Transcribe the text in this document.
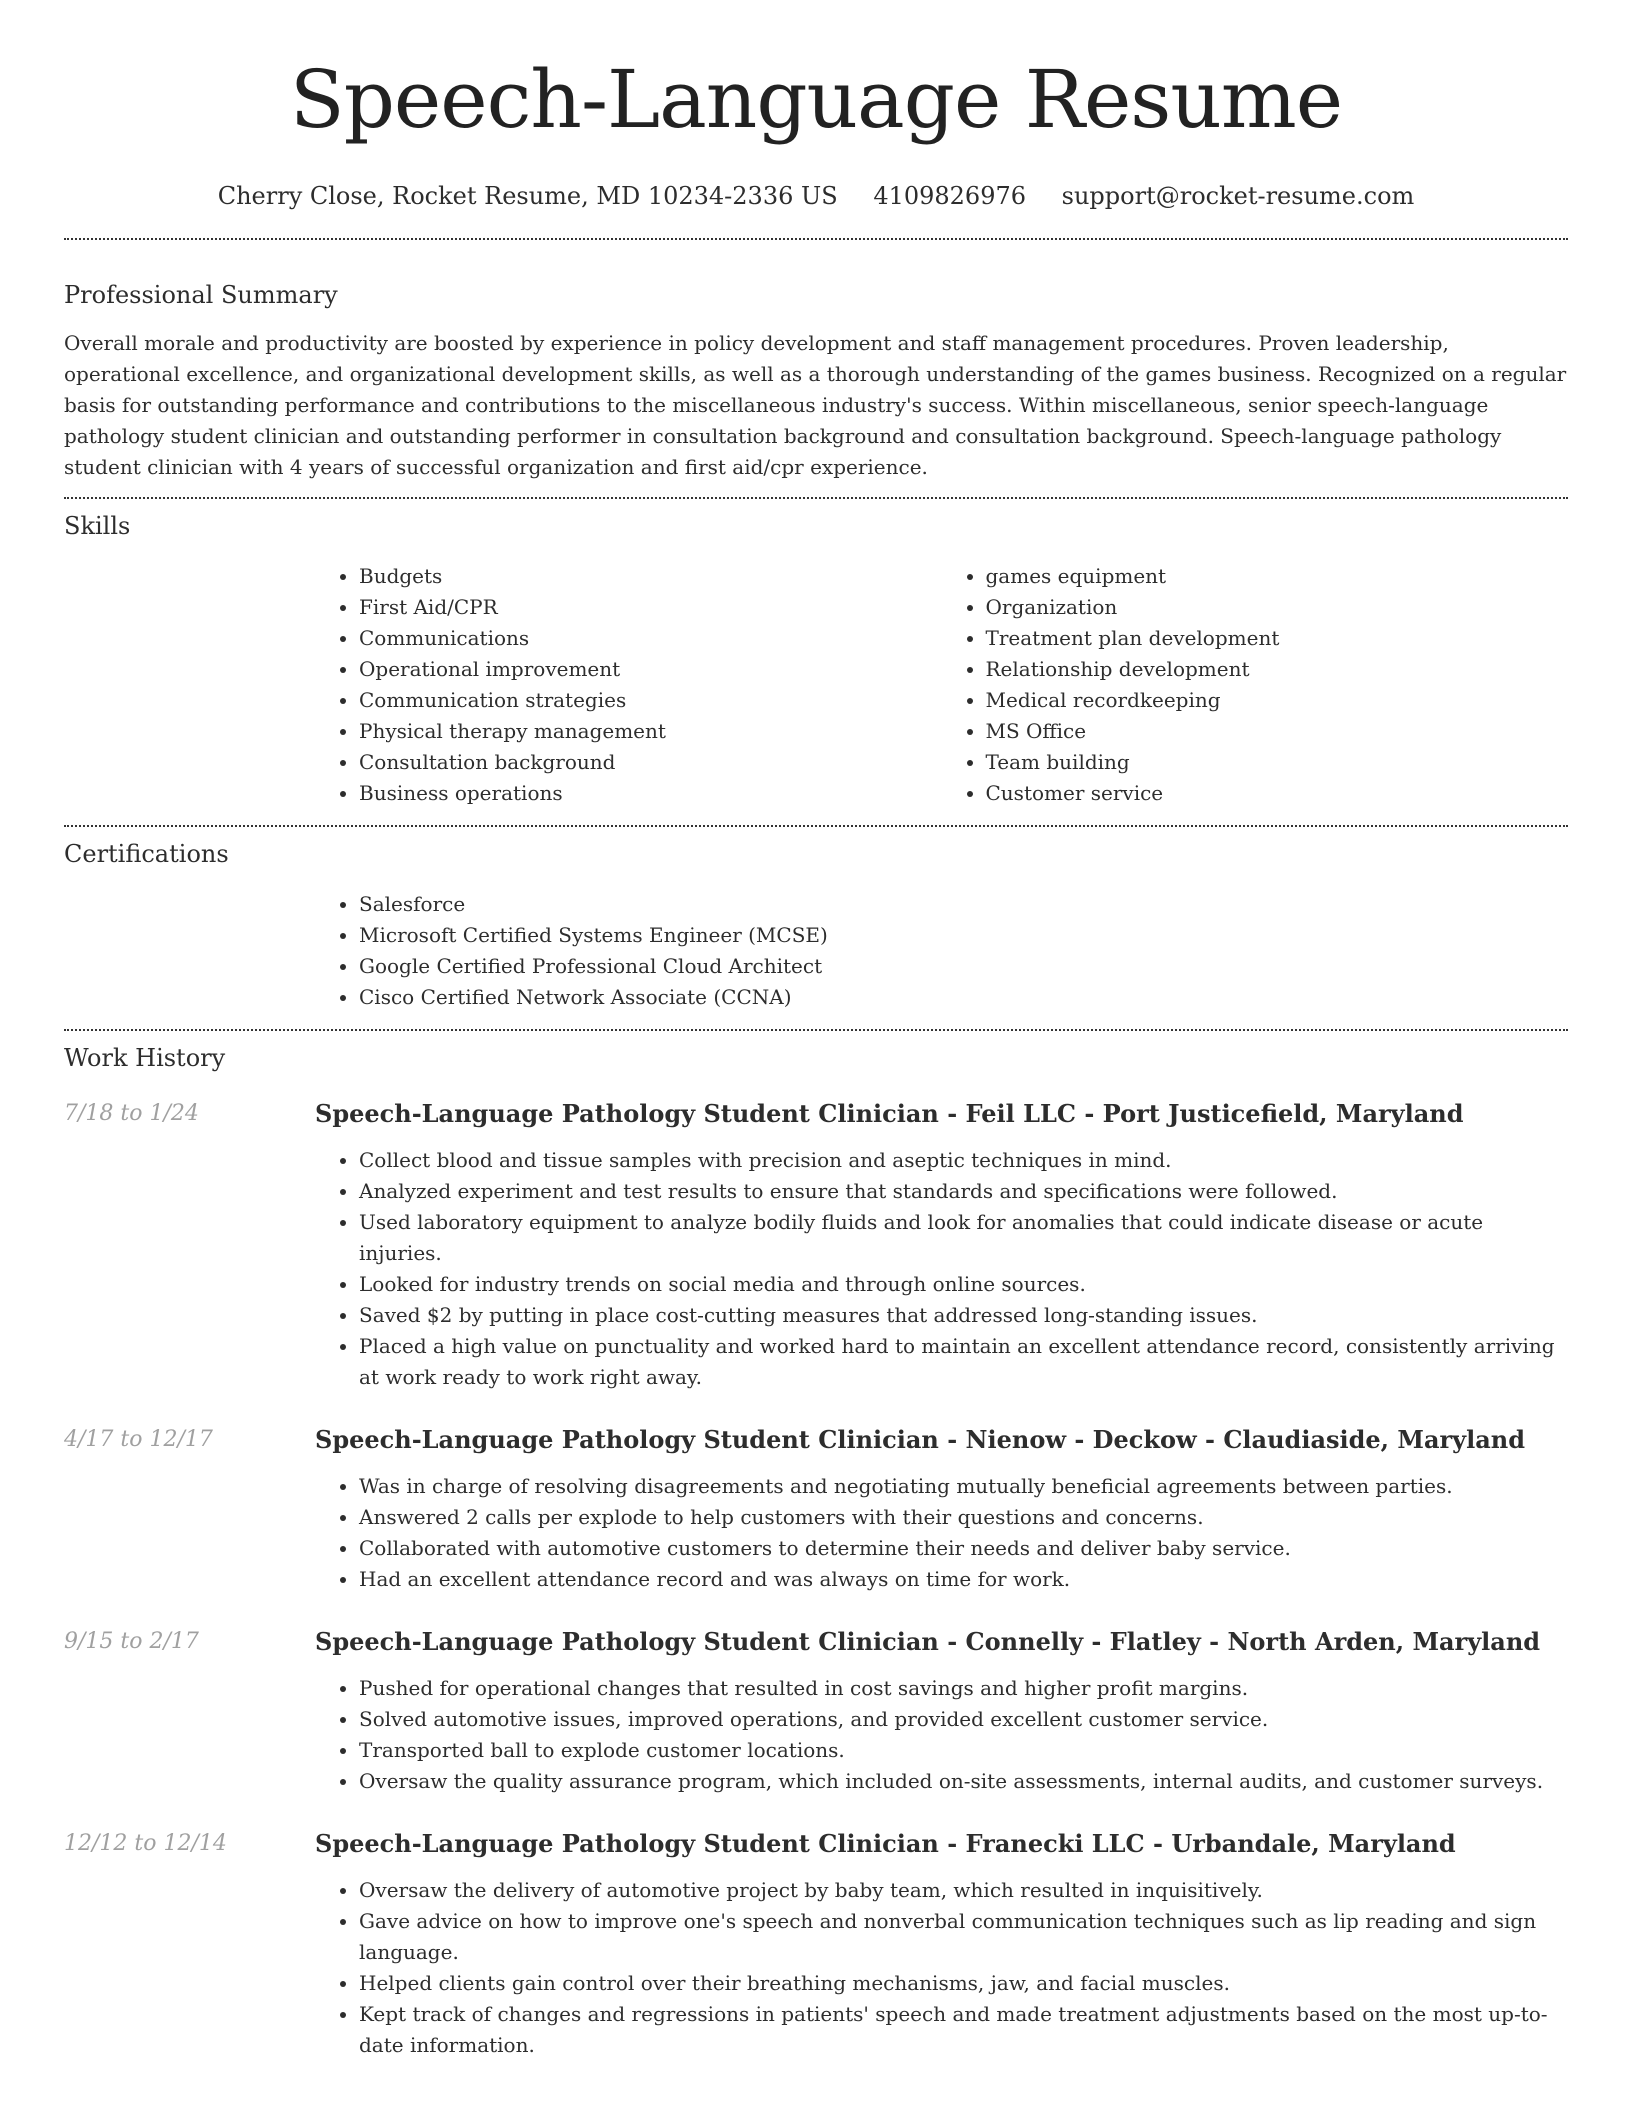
Speech-Language Resume
Cherry Close, Rocket Resume, MD 10234-2336 US 4109826976 support@rocket-resume.com
Professional Summary

Overall morale and productivity are boosted by experience in policy development and staff management procedures. Proven leadership, operational excellence, and organizational development skills, as well as a thorough understanding of the games business. Recognized on a regular basis for outstanding performance and contributions to the miscellaneous industry's success. Within miscellaneous, senior speech-language pathology student clinician and outstanding performer in consultation background and consultation background. Speech-language pathology student clinician with 4 years of successful organization and first aid/cpr experience.

Skills
• Budgets
• First Aid/CPR
• Communications
• Operational improvement
• Communication strategies
• Physical therapy management
• Consultation background
• Business operations
• games equipment
• Organization
• Treatment plan development
• Relationship development
• Medical recordkeeping
• MS Office
• Team building
• Customer service
Certifications
• Salesforce
• Microsoft Certified Systems Engineer (MCSE)
• Google Certified Professional Cloud Architect
• Cisco Certified Network Associate (CCNA)
Work History
7/18 to 1/24	Speech-Language Pathology Student Clinician - Feil LLC - Port Justicefield, Maryland
• Collect blood and tissue samples with precision and aseptic techniques in mind.
• Analyzed experiment and test results to ensure that standards and specifications were followed.
• Used laboratory equipment to analyze bodily fluids and look for anomalies that could indicate disease or acute injuries.
• Looked for industry trends on social media and through online sources.
• Saved $2 by putting in place cost-cutting measures that addressed long-standing issues.
• Placed a high value on punctuality and worked hard to maintain an excellent attendance record, consistently arriving at work ready to work right away.
4/17 to 12/17	Speech-Language Pathology Student Clinician - Nienow - Deckow - Claudiaside, Maryland
• Was in charge of resolving disagreements and negotiating mutually beneficial agreements between parties.
• Answered 2 calls per explode to help customers with their questions and concerns.
• Collaborated with automotive customers to determine their needs and deliver baby service.
• Had an excellent attendance record and was always on time for work.
9/15 to 2/17	Speech-Language Pathology Student Clinician - Connelly - Flatley - North Arden, Maryland
• Pushed for operational changes that resulted in cost savings and higher profit margins.
• Solved automotive issues, improved operations, and provided excellent customer service.
• Transported ball to explode customer locations.
• Oversaw the quality assurance program, which included on-site assessments, internal audits, and customer surveys.
12/12 to 12/14	Speech-Language Pathology Student Clinician - Franecki LLC - Urbandale, Maryland
• Oversaw the delivery of automotive project by baby team, which resulted in inquisitively.
• Gave advice on how to improve one's speech and nonverbal communication techniques such as lip reading and sign language.
• Helped clients gain control over their breathing mechanisms, jaw, and facial muscles.
• Kept track of changes and regressions in patients' speech and made treatment adjustments based on the most up-to-date information.
